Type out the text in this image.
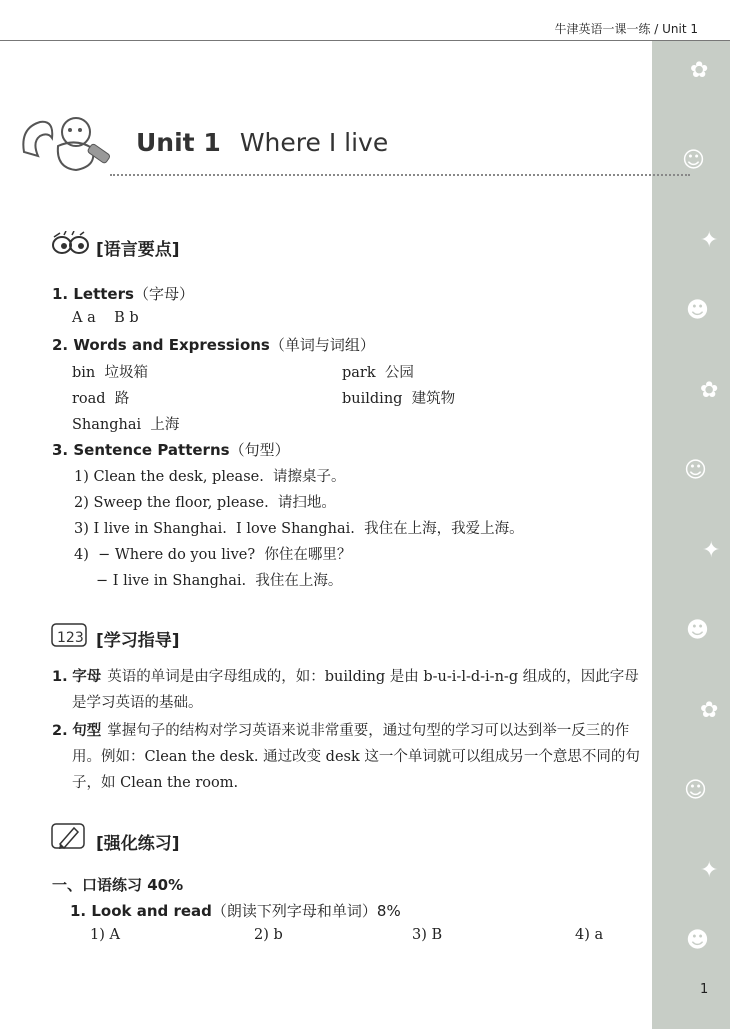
✿
☺
✦
☻
✿
☺
✦
☻
✿
☺
✦
☻
牛津英语一课一练 / Unit 1
Unit 1 Where I live
[语言要点]
1. Letters（字母）
A a    B b
2. Words and Expressions（单词与词组）
bin  垃圾箱	park  公园
road  路	building  建筑物
Shanghai  上海
3. Sentence Patterns（句型）
1) Clean the desk, please.  请擦桌子。
2) Sweep the floor, please.  请扫地。
3) I live in Shanghai.  I love Shanghai.  我住在上海，我爱上海。
4)  − Where do you live?  你住在哪里？
− I live in Shanghai.  我住在上海。
123 [学习指导]
1. 字母 英语的单词是由字母组成的，如：building 是由 b-u-i-l-d-i-n-g 组成的，因此字母是学习英语的基础。
2. 句型 掌握句子的结构对学习英语来说非常重要，通过句型的学习可以达到举一反三的作用。例如：Clean the desk. 通过改变 desk 这一个单词就可以组成另一个意思不同的句子，如 Clean the room.
[强化练习]
一、口语练习 40%
1. Look and read（朗读下列字母和单词）8%
1) A	2) b	3) B	4) a
1
